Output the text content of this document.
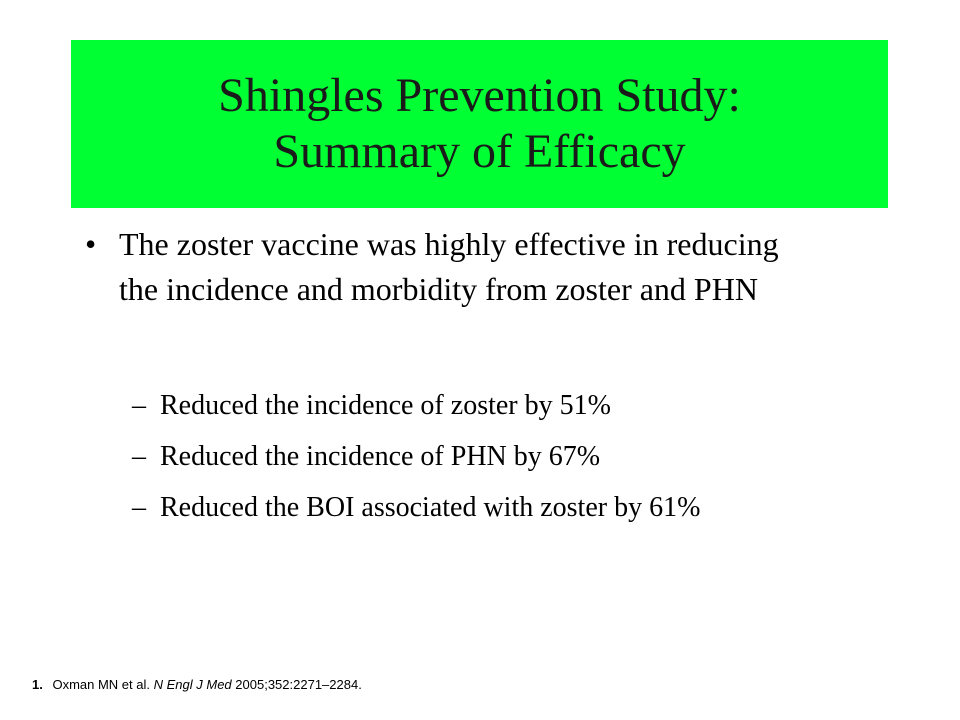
Shingles Prevention Study:
Summary of Efficacy
• The zoster vaccine was highly effective in reducing the incidence and morbidity from zoster and PHN
– Reduced the incidence of zoster by 51%
– Reduced the incidence of PHN by 67%
– Reduced the BOI associated with zoster by 61%
1. Oxman MN et al. N Engl J Med 2005;352:2271–2284.
